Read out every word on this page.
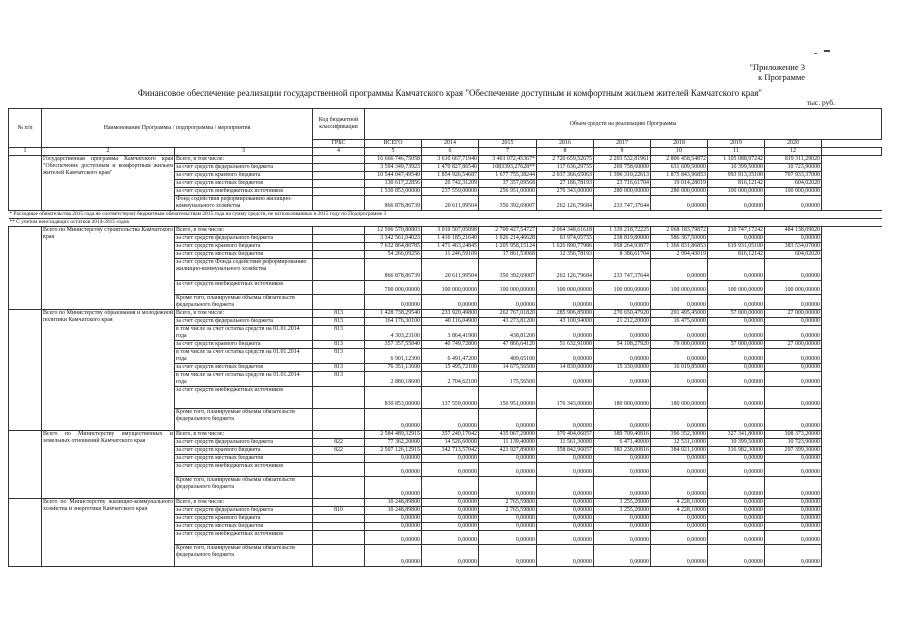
"Приложение 3
к Программе
Финансовое обеспечение реализации государственной программы Камчатского края "Обеспечение доступным и комфортным жильем жителей Камчатского края"
тыс. руб.
№ п/п	Наименование Программы / подпрограммы / мероприятия		Код бюджетной классификации	Объем средств на реализацию Программы								
			ГРБС	ВСЕГО	2014	2015	2016	2017	2018	2019	2020
1	2	3	4	5	6	7	8	9	10	11	12	
	Государственная программа Камчатского края "Обеспечение доступным и комфортным жильем жителей Камчатского края"	Всего, в том числе:		16 666 746,75058	3 610 667,71940	3 401 072,45367*	2 720 659,52675	2 203 532,81961	2 806 458,54872	1 105 088,97242	819 311,29020	
		за счет средств федерального бюджета		3 594 349,73923	1 470 827,86540	1083393,27628**	117 636,29755	269 758,60000	631 609,50000	10 399,50000	10 723,90000	
		за счет средств краевого бюджета		10 544 047,49540	1 854 926,54687	1 677 755,38244	2 037 366,65063	1 396 310,22613	1 875 843,96853	993 913,35100	707 933,37000	
		за счет средств местных бюджетов		130 617,22856	26 742,31209	37 357,09568	27 186,78193	23 716,61704	19 014,28019	816,12142	604,02020	
		за счет средств внебюджетных источников		1 530 853,00000	237 559,00000	256 951,00000	276 343,00000	280 000,00000	280 000,00000	100 000,00000	100 000,00000	
		Фонд содействия реформированию жилищно-коммунального хозяйства		866 878,86739	20 611,99504	350 392,69007	262 126,79684	233 747,37644	0,00000	0,00000	0,00000	
* Расходные обязательства 2015 года не соответствуют бюджетным обязательствам 2015 года на сумму средств, не использованных в 2015 году по Подпрограмме 3												
** С учетом неисходящих остатков 2014-2015 годов												
	Всего по Министерству строительства Камчатского края	Всего, в том числе:		12 596 570,80803	3 019 507,05098	2 700 427,54727	2 064 348,61618	1 339 218,72225	2 068 183,79872	210 747,17242	484 138,09020	
		за счет средств федерального бюджета		3 342 561,04023	1 416 185,21640	1 026 214,46628	63 974,05755	238 819,80000	586 367,50000	0,00000	0,00000	
		за счет средств краевого бюджета		7 632 864,80785	1 471 463,24845	1 205 958,15124	1 626 890,77986	958 264,93877	1 366 831,86853	619 931,05100	383 534,07000	
		за счет средств местных бюджетов		54 266,09256	11 246,59109	17 861,53068	12 356,78193	8 386,61704	2 994,43019	816,12142	604,02020	
		за счет средств Фонда содействия реформированию жилищно-коммунального хозяйства		866 878,86739	20 611,99504	350 392,69007	262 126,79684	233 747,37644	0,00000	0,00000	0,00000	
		за счет средств внебюджетных источников		700 000,00000	100 000,00000	100 000,00000	100 000,00000	100 000,00000	100 000,00000	100 000,00000	100 000,00000	
		Кроме того, планируемые объемы обязательств федерального бюджета		0,00000	0,00000	0,00000	0,00000	0,00000	0,00000	0,00000	0,00000	
	Всего по Министерству образования и молодежной политики Камчатского края	Всего, в том числе:	813	1 428 738,29540	233 920,49800	262 767,01820	285 906,85000	270 650,47920	291 495,45000	57 000,00000	27 000,00000	
		за счет средств федерального бюджета	813	164 176,30100	40 116,04900	43 273,81200	43 100,94000	21 212,20000	16 475,60000	0,00000	0,00000	
		в том числе за счет остатка средств на 01.01.2014 года	813	4 303,23100	3 864,41900	438,81200	0,00000	0,00000	0,00000	0,00000	0,00000	
		за счет средств краевого бюджета	813	357 357,55840	40 749,72800	47 866,64120	51 632,91000	54 108,27920	79 000,00000	57 000,00000	27 000,00000	
		в том числе за счет остатка средств на 01.01.2014 года	813	6 901,12300	6 491,47200	409,65100	0,00000	0,00000	0,00000	0,00000	0,00000	
		за счет средств местных бюджетов	813	76 351,13600	15 495,72100	14 675,56500	14 830,00000	15 330,00000	16 019,85000	0,00000	0,00000	
		в том числе за счет остатка средств на 01.01.2014 года	813	2 880,18600	2 704,62100	175,56500	0,00000	0,00000	0,00000	0,00000	0,00000	
		за счет средств внебюджетных источников		830 853,00000	137 559,00000	156 951,00000	176 343,00000	180 000,00000	180 000,00000	0,00000	0,00000	
		Кроме того, планируемые объемы обязательств федерального бюджета		0,00000	0,00000	0,00000	0,00000	0,00000	0,00000	0,00000	0,00000	
	Всего по Министерству имущественных и земельных отношений Камчатского края	Всего, в том числе:		2 584 489,32915	357 240,17042	435 067,29000	370 404,06057	389 709,40816	396 352,30000	327 341,80000	308 373,20000	
		за счет средств федерального бюджета	822	77 362,20000	14 526,60000	11 139,40000	11 561,30000	6 471,40000	12 531,10000	10 399,50000	10 723,90000	
		за счет средств краевого бюджета	822	2 507 126,12915	342 713,57042	423 927,89000	358 842,96057	383 238,00816	384 021,10000	316 982,30000	297 399,30000	
		за счет средств местных бюджетов		0,00000	0,00000	0,00000	0,00000	0,00000	0,00000	0,00000	0,00000	
		за счет средств внебюджетных источников		0,00000	0,00000	0,00000	0,00000	0,00000	0,00000	0,00000	0,00000	
		Кроме того, планируемые объемы обязательств федерального бюджета		0,00000	0,00000	0,00000	0,00000	0,00000	0,00000	0,00000	0,00000	
	Всего по Министерству жилищно-коммунального хозяйства и энергетики Камчатского края	Всего, в том числе:		10 248,89800	0,00000	2 765,59800	0,00000	3 255,20000	4 228,10000	0,00000	0,00000	
		за счет средств федерального бюджета	810	10 248,89800	0,00000	2 765,59800	0,00000	3 255,20000	4 228,10000	0,00000	0,00000	
		за счет средств краевого бюджета		0,00000	0,00000	0,00000	0,00000	0,00000	0,00000	0,00000	0,00000	
		за счет средств местных бюджетов		0,00000	0,00000	0,00000	0,00000	0,00000	0,00000	0,00000	0,00000	
		за счет средств внебюджетных источников		0,00000	0,00000	0,00000	0,00000	0,00000	0,00000	0,00000	0,00000	
		Кроме того, планируемые объемы обязательств федерального бюджета		0,00000	0,00000	0,00000	0,00000	0,00000	0,00000	0,00000	0,00000	
